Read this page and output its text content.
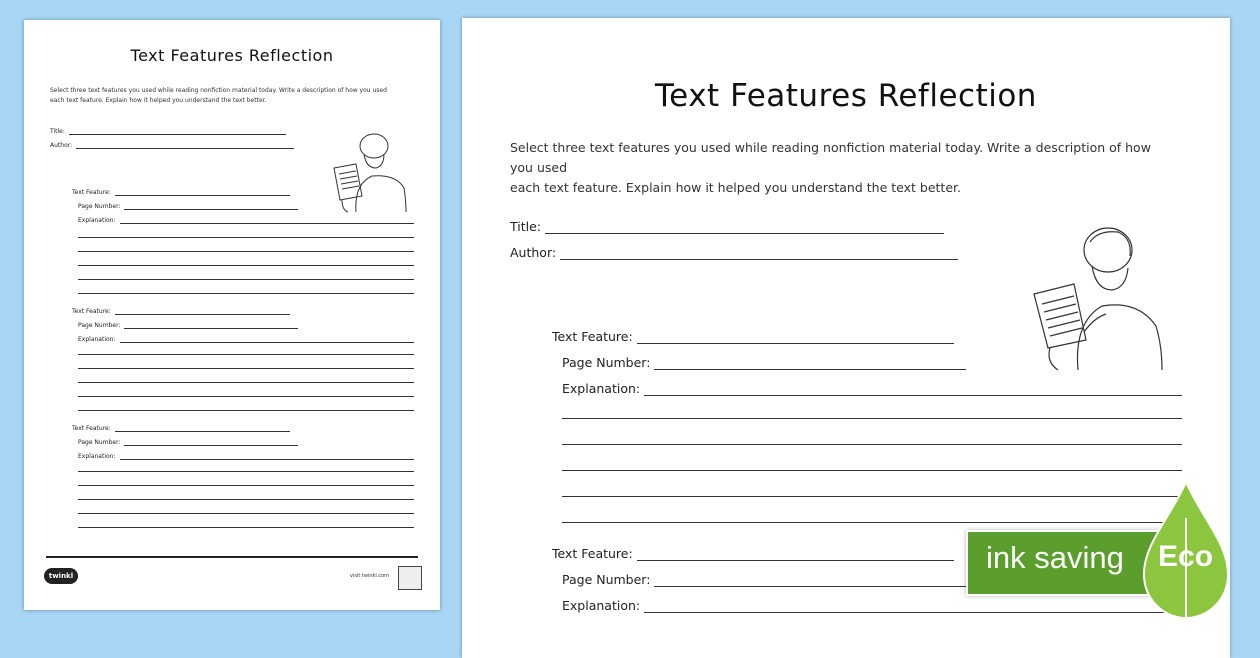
Text Features Reflection
Select three text features you used while reading nonfiction material today. Write a description of how you used
each text feature. Explain how it helped you understand the text better.
Title:
Author:
Text Feature:
Page Number:
Explanation:
Text Feature:
Page Number:
Explanation:
Text Feature:
Page Number:
Explanation:
twinkl	visit twinkl.com
Text Features Reflection
Select three text features you used while reading nonfiction material today. Write a description of how you used
each text feature. Explain how it helped you understand the text better.
Title:
Author:
Text Feature:
Page Number:
Explanation:
Text Feature:
Page Number:
Explanation:
ink saving Eco
